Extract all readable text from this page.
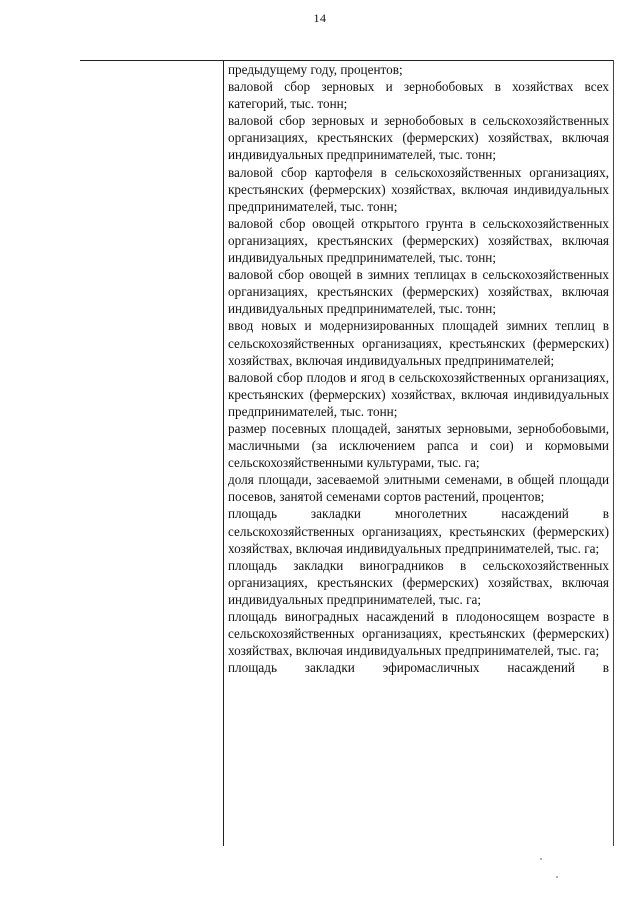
14

предыдущему году, процентов;

валовой сбор зерновых и зернобобовых в хозяйствах всех категорий, тыс. тонн;

валовой сбор зерновых и зернобобовых в сельскохозяйственных организациях, крестьянских (фермерских) хозяйствах, включая индивидуальных предпринимателей, тыс. тонн;

валовой сбор картофеля в сельскохозяйственных организациях, крестьянских (фермерских) хозяйствах, включая индивидуальных предпринимателей, тыс. тонн;

валовой сбор овощей открытого грунта в сельскохозяйственных организациях, крестьянских (фермерских) хозяйствах, включая индивидуальных предпринимателей, тыс. тонн;

валовой сбор овощей в зимних теплицах в сельскохозяйственных организациях, крестьянских (фермерских) хозяйствах, включая индивидуальных предпринимателей, тыс. тонн;

ввод новых и модернизированных площадей зимних теплиц в сельскохозяйственных организациях, крестьянских (фермерских) хозяйствах, включая индивидуальных предпринимателей;

валовой сбор плодов и ягод в сельскохозяйственных организациях, крестьянских (фермерских) хозяйствах, включая индивидуальных предпринимателей, тыс. тонн;

размер посевных площадей, занятых зерновыми, зернобобовыми, масличными (за исключением рапса и сои) и кормовыми сельскохозяйственными культурами, тыс. га;

доля площади, засеваемой элитными семенами, в общей площади посевов, занятой семенами сортов растений, процентов;

площадь закладки многолетних насаждений в сельскохозяйственных организациях, крестьянских (фермерских) хозяйствах, включая индивидуальных предпринимателей, тыс. га;

площадь закладки виноградников в сельскохозяйственных организациях, крестьянских (фермерских) хозяйствах, включая индивидуальных предпринимателей, тыс. га;

площадь виноградных насаждений в плодоносящем возрасте в сельскохозяйственных организациях, крестьянских (фермерских) хозяйствах, включая индивидуальных предпринимателей, тыс. га;

площадь закладки эфиромасличных насаждений в
